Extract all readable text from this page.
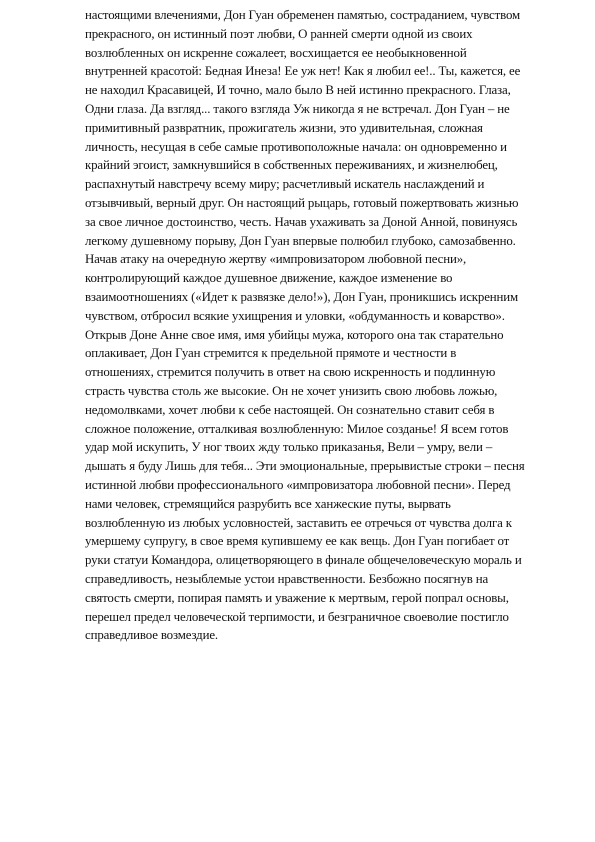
настоящими влечениями, Дон Гуан обременен памятью, состраданием, чувством
прекрасного, он истинный поэт любви, О ранней смерти одной из своих
возлюбленных он искренне сожалеет, восхищается ее необыкновенной
внутренней красотой: Бедная Инеза! Ее уж нет! Как я любил ее!.. Ты, кажется, ее
не находил Красавицей, И точно, мало было В ней истинно прекрасного. Глаза,
Одни глаза. Да взгляд... такого взгляда Уж никогда я не встречал. Дон Гуан – не
примитивный развратник, прожигатель жизни, это удивительная, сложная
личность, несущая в себе самые противоположные начала: он одновременно и
крайний эгоист, замкнувшийся в собственных переживаниях, и жизнелюбец,
распахнутый навстречу всему миру; расчетливый искатель наслаждений и
отзывчивый, верный друг. Он настоящий рыцарь, готовый пожертвовать жизнью
за свое личное достоинство, честь. Начав ухаживать за Доной Анной, повинуясь
легкому душевному порыву, Дон Гуан впервые полюбил глубоко, самозабвенно.
Начав атаку на очередную жертву «импровизатором любовной песни»,
контролирующий каждое душевное движение, каждое изменение во
взаимоотношениях («Идет к развязке дело!»), Дон Гуан, проникшись искренним
чувством, отбросил всякие ухищрения и уловки, «обдуманность и коварство».
Открыв Доне Анне свое имя, имя убийцы мужа, которого она так старательно
оплакивает, Дон Гуан стремится к предельной прямоте и честности в
отношениях, стремится получить в ответ на свою искренность и подлинную
страсть чувства столь же высокие. Он не хочет унизить свою любовь ложью,
недомолвками, хочет любви к себе настоящей. Он сознательно ставит себя в
сложное положение, отталкивая возлюбленную: Милое созданье! Я всем готов
удар мой искупить, У ног твоих жду только приказанья, Вели – умру, вели –
дышать я буду Лишь для тебя... Эти эмоциональные, прерывистые строки – песня
истинной любви профессионального «импровизатора любовной песни». Перед
нами человек, стремящийся разрубить все ханжеские путы, вырвать
возлюбленную из любых условностей, заставить ее отречься от чувства долга к
умершему супругу, в свое время купившему ее как вещь. Дон Гуан погибает от
руки статуи Командора, олицетворяющего в финале общечеловеческую мораль и
справедливость, незыблемые устои нравственности. Безбожно посягнув на
святость смерти, попирая память и уважение к мертвым, герой попрал основы,
перешел предел человеческой терпимости, и безграничное своеволие постигло
справедливое возмездие.
